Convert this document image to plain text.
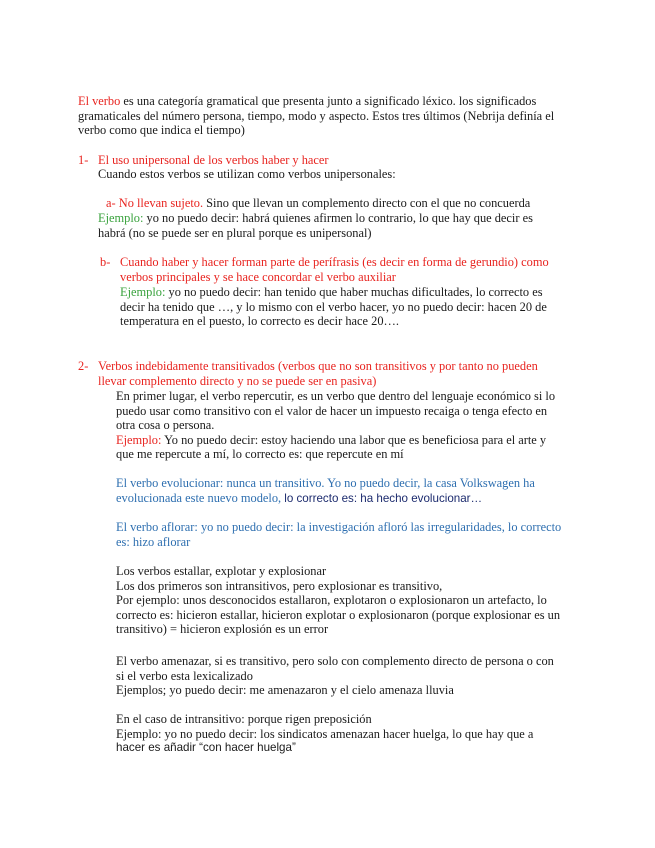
El verbo es una categoría gramatical que presenta junto a significado léxico. los significados
gramaticales del número persona, tiempo, modo y aspecto. Estos tres últimos (Nebrija definía el
verbo como que indica el tiempo)
1- El uso unipersonal de los verbos haber y hacer
Cuando estos verbos se utilizan como verbos unipersonales:
a- No llevan sujeto. Sino que llevan un complemento directo con el que no concuerda
Ejemplo: yo no puedo decir: habrá quienes afirmen lo contrario, lo que hay que decir es
habrá (no se puede ser en plural porque es unipersonal)
b- Cuando haber y hacer forman parte de perífrasis (es decir en forma de gerundio) como
verbos principales y se hace concordar el verbo auxiliar
Ejemplo: yo no puedo decir: han tenido que haber muchas dificultades, lo correcto es
decir ha tenido que …, y lo mismo con el verbo hacer, yo no puedo decir: hacen 20 de
temperatura en el puesto, lo correcto es decir hace 20….
2- Verbos indebidamente transitivados (verbos que no son transitivos y por tanto no pueden
llevar complemento directo y no se puede ser en pasiva)
En primer lugar, el verbo repercutir, es un verbo que dentro del lenguaje económico si lo
puedo usar como transitivo con el valor de hacer un impuesto recaiga o tenga efecto en
otra cosa o persona.
Ejemplo: Yo no puedo decir: estoy haciendo una labor que es beneficiosa para el arte y
que me repercute a mí, lo correcto es: que repercute en mí
El verbo evolucionar: nunca un transitivo. Yo no puedo decir, la casa Volkswagen ha
evolucionada este nuevo modelo, lo correcto es: ha hecho evolucionar…
El verbo aflorar: yo no puedo decir: la investigación afloró las irregularidades, lo correcto
es: hizo aflorar
Los verbos estallar, explotar y explosionar
Los dos primeros son intransitivos, pero explosionar es transitivo,
Por ejemplo: unos desconocidos estallaron, explotaron o explosionaron un artefacto, lo
correcto es: hicieron estallar, hicieron explotar o explosionaron (porque explosionar es un
transitivo) = hicieron explosión es un error
El verbo amenazar, si es transitivo, pero solo con complemento directo de persona o con
si el verbo esta lexicalizado
Ejemplos; yo puedo decir: me amenazaron y el cielo amenaza lluvia
En el caso de intransitivo: porque rigen preposición
Ejemplo: yo no puedo decir: los sindicatos amenazan hacer huelga, lo que hay que a
hacer es añadir “con hacer huelga”
